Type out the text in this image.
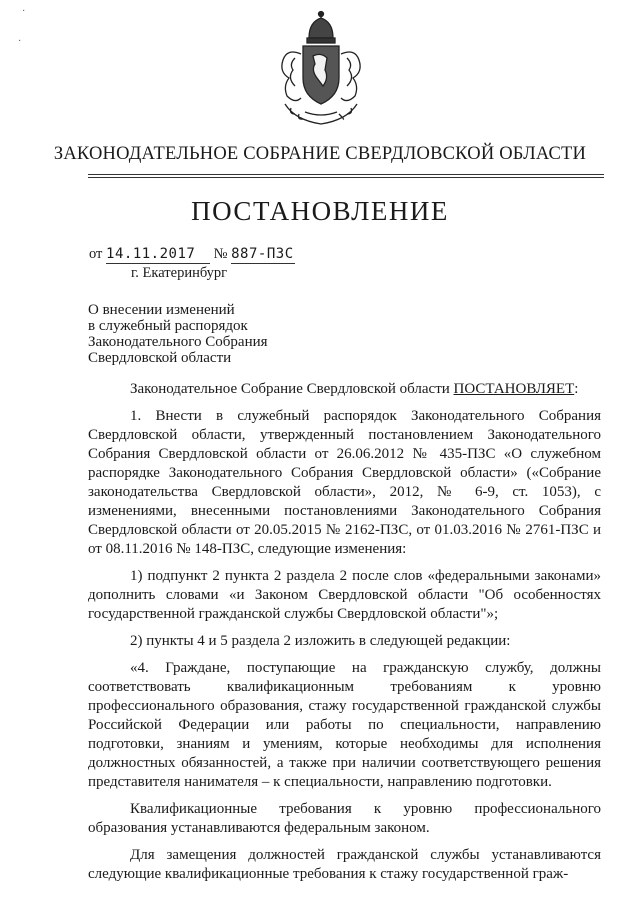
ЗАКОНОДАТЕЛЬНОЕ СОБРАНИЕ СВЕРДЛОВСКОЙ ОБЛАСТИ
ПОСТАНОВЛЕНИЕ
от 14.11.2017 № 887-ПЗС
г. Екатеринбург
О внесении изменений
в служебный распорядок
Законодательного Собрания
Свердловской области

Законодательное Собрание Свердловской области ПОСТАНОВЛЯЕТ:

1. Внести в служебный распорядок Законодательного Собрания Свердловской области, утвержденный постановлением Законодательного Собрания Свердловской области от 26.06.2012 № 435-ПЗС «О служебном распорядке Законодательного Собрания Свердловской области» («Собрание законодательства Свердловской области», 2012, № 6-9, ст. 1053), с изменениями, внесенными постановлениями Законодательного Собрания Свердловской области от 20.05.2015 № 2162-ПЗС, от 01.03.2016 № 2761-ПЗС и от 08.11.2016 № 148-ПЗС, следующие изменения:

1) подпункт 2 пункта 2 раздела 2 после слов «федеральными законами» дополнить словами «и Законом Свердловской области "Об особенностях государственной гражданской службы Свердловской области"»;

2) пункты 4 и 5 раздела 2 изложить в следующей редакции:

«4. Граждане, поступающие на гражданскую службу, должны соответствовать квалификационным требованиям к уровню профессионального образования, стажу государственной гражданской службы Российской Федерации или работы по специальности, направлению подготовки, знаниям и умениям, которые необходимы для исполнения должностных обязанностей, а также при наличии соответствующего решения представителя нанимателя – к специальности, направлению подготовки.

Квалификационные требования к уровню профессионального образования устанавливаются федеральным законом.

Для замещения должностей гражданской службы устанавливаются следующие квалификационные требования к стажу государственной граж-

·
·
